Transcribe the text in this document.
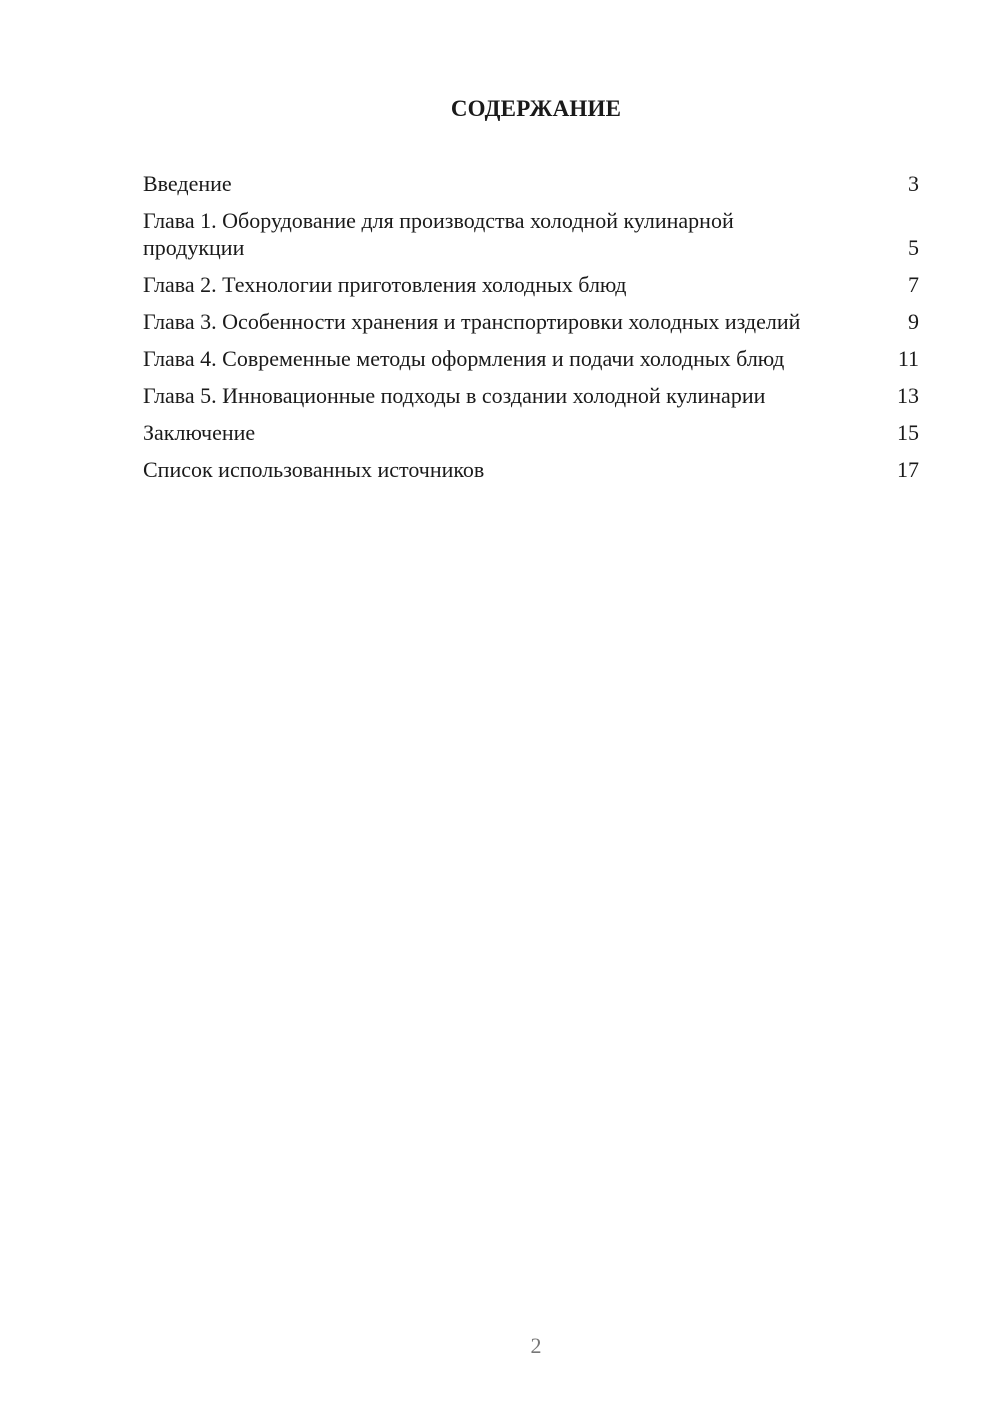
СОДЕРЖАНИЕ
Введение	3
Глава 1. Оборудование для производства холодной кулинарной продукции	5
Глава 2. Технологии приготовления холодных блюд	7
Глава 3. Особенности хранения и транспортировки холодных изделий	9
Глава 4. Современные методы оформления и подачи холодных блюд	11
Глава 5. Инновационные подходы в создании холодной кулинарии	13
Заключение	15
Список использованных источников	17
2
